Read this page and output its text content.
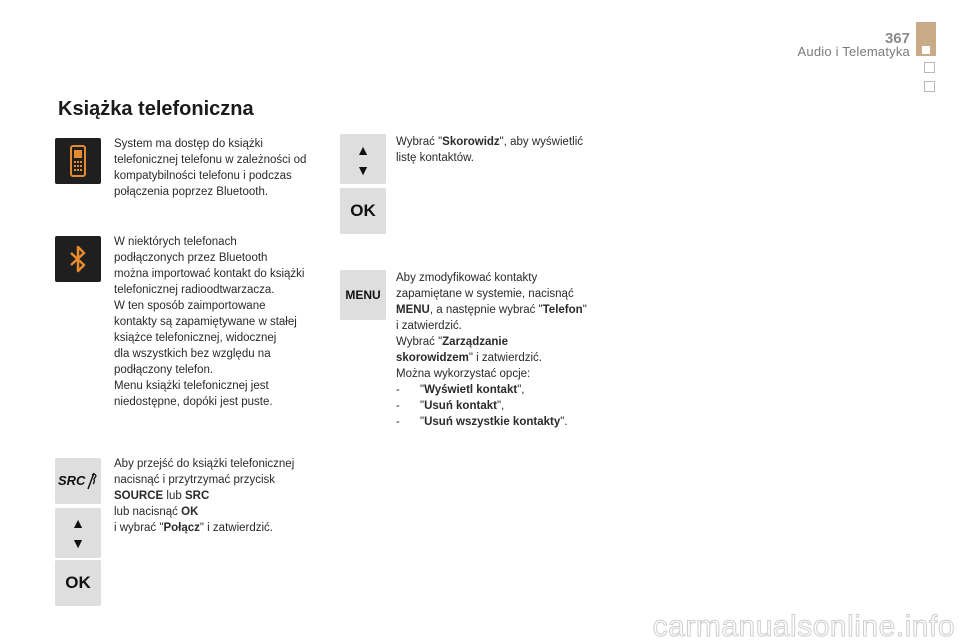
367
Audio i Telematyka
Książka telefoniczna
System ma dostęp do książki telefonicznej telefonu w zależności od kompatybilności telefonu i podczas połączenia poprzez Bluetooth.
W niektórych telefonach
podłączonych przez Bluetooth
można importować kontakt do książki
telefonicznej radioodtwarzacza.
W ten sposób zaimportowane
kontakty są zapamiętywane w stałej
książce telefonicznej, widocznej
dla wszystkich bez względu na
podłączony telefon.
Menu książki telefonicznej jest
niedostępne, dopóki jest puste.
SRC
▲
▼
OK
Aby przejść do książki telefonicznej
nacisnąć i przytrzymać przycisk
SOURCE lub SRC
lub nacisnąć OK
i wybrać "Połącz" i zatwierdzić.
▲
▼
OK
MENU
Wybrać "Skorowidz", aby wyświetlić
listę kontaktów.
Aby zmodyfikować kontakty
zapamiętane w systemie, nacisnąć
MENU, a następnie wybrać "Telefon"
i zatwierdzić.
Wybrać "Zarządzanie
skorowidzem" i zatwierdzić.
Można wykorzystać opcje:
- "Wyświetl kontakt",
- "Usuń kontakt",
- "Usuń wszystkie kontakty".
carmanualsonline.info
